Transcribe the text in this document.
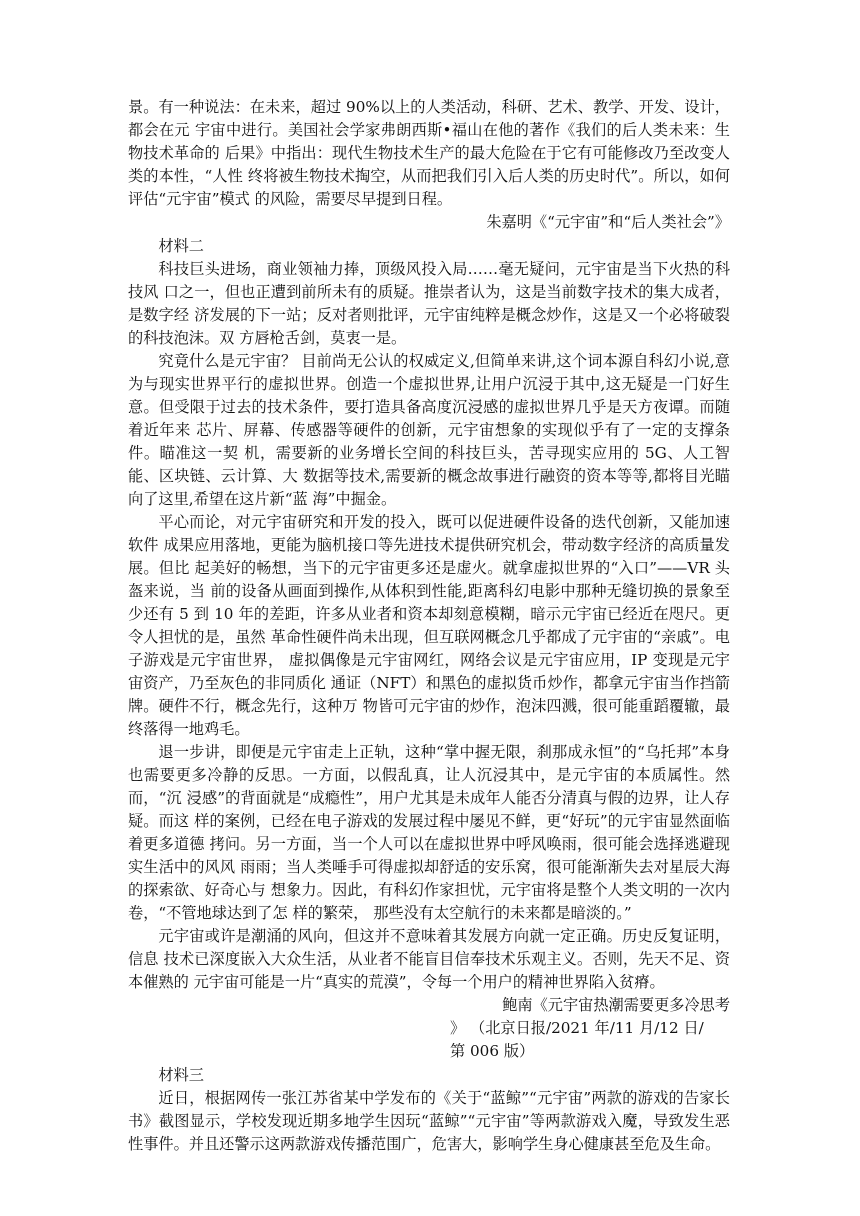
景。有一种说法：在未来，超过 90%以上的人类活动，科研、艺术、教学、开发、设计，都会在元 宇宙中进行。美国社会学家弗朗西斯•福山在他的著作《我们的后人类未来：生物技术革命的 后果》中指出：现代生物技术生产的最大危险在于它有可能修改乃至改变人类的本性，“人性 终将被生物技术掏空，从而把我们引入后人类的历史时代”。所以，如何评估“元宇宙”模式 的风险，需要尽早提到日程。

朱嘉明《“元宇宙”和“后人类社会”》

材料二

科技巨头进场，商业领袖力捧，顶级风投入局……毫无疑问，元宇宙是当下火热的科技风 口之一，但也正遭到前所未有的质疑。推崇者认为，这是当前数字技术的集大成者，是数字经 济发展的下一站；反对者则批评，元宇宙纯粹是概念炒作，这是又一个必将破裂的科技泡沫。双 方唇枪舌剑，莫衷一是。

究竟什么是元宇宙？ 目前尚无公认的权威定义,但简单来讲,这个词本源自科幻小说,意为与现实世界平行的虚拟世界。创造一个虚拟世界,让用户沉浸于其中,这无疑是一门好生意。但受限于过去的技术条件，要打造具备高度沉浸感的虚拟世界几乎是天方夜谭。而随着近年来 芯片、屏幕、传感器等硬件的创新，元宇宙想象的实现似乎有了一定的支撑条件。瞄准这一契 机，需要新的业务增长空间的科技巨头，苦寻现实应用的 5G、人工智能、区块链、云计算、大 数据等技术,需要新的概念故事进行融资的资本等等,都将目光瞄向了这里,希望在这片新“蓝 海”中掘金。

平心而论，对元宇宙研究和开发的投入，既可以促进硬件设备的迭代创新，又能加速软件 成果应用落地，更能为脑机接口等先进技术提供研究机会，带动数字经济的高质量发展。但比 起美好的畅想，当下的元宇宙更多还是虚火。就拿虚拟世界的“入口”——VR 头盔来说，当 前的设备从画面到操作,从体积到性能,距离科幻电影中那种无缝切换的景象至少还有 5 到 10 年的差距，许多从业者和资本却刻意模糊，暗示元宇宙已经近在咫尺。更令人担忧的是，虽然 革命性硬件尚未出现，但互联网概念几乎都成了元宇宙的“亲戚”。电子游戏是元宇宙世界， 虚拟偶像是元宇宙网红，网络会议是元宇宙应用，IP 变现是元宇宙资产，乃至灰色的非同质化 通证（NFT）和黑色的虚拟货币炒作，都拿元宇宙当作挡箭牌。硬件不行，概念先行，这种万 物皆可元宇宙的炒作，泡沫四溅，很可能重蹈覆辙，最终落得一地鸡毛。

退一步讲，即便是元宇宙走上正轨，这种“掌中握无限，刹那成永恒”的“乌托邦”本身 也需要更多冷静的反思。一方面，以假乱真，让人沉浸其中，是元宇宙的本质属性。然而，“沉 浸感”的背面就是“成瘾性”，用户尤其是未成年人能否分清真与假的边界，让人存疑。而这 样的案例，已经在电子游戏的发展过程中屡见不鲜，更“好玩”的元宇宙显然面临着更多道德 拷问。另一方面，当一个人可以在虚拟世界中呼风唤雨，很可能会选择逃避现实生活中的风风 雨雨；当人类唾手可得虚拟却舒适的安乐窝，很可能渐渐失去对星辰大海的探索欲、好奇心与 想象力。因此，有科幻作家担忧，元宇宙将是整个人类文明的一次内卷，“不管地球达到了怎 样的繁荣， 那些没有太空航行的未来都是暗淡的。”

元宇宙或许是潮涌的风向，但这并不意味着其发展方向就一定正确。历史反复证明，信息 技术已深度嵌入大众生活，从业者不能盲目信奉技术乐观主义。否则，先天不足、资本催熟的 元宇宙可能是一片“真实的荒漠”，令每一个用户的精神世界陷入贫瘠。

鲍南《元宇宙热潮需要更多冷思考

》 （北京日报/2021 年/11 月/12 日/

第 006 版）

材料三

近日，根据网传一张江苏省某中学发布的《关于“蓝鲸”“元宇宙”两款的游戏的告家长 书》截图显示，学校发现近期多地学生因玩“蓝鲸”“元宇宙”等两款游戏入魔，导致发生恶性事件。并且还警示这两款游戏传播范围广，危害大，影响学生身心健康甚至危及生命。
